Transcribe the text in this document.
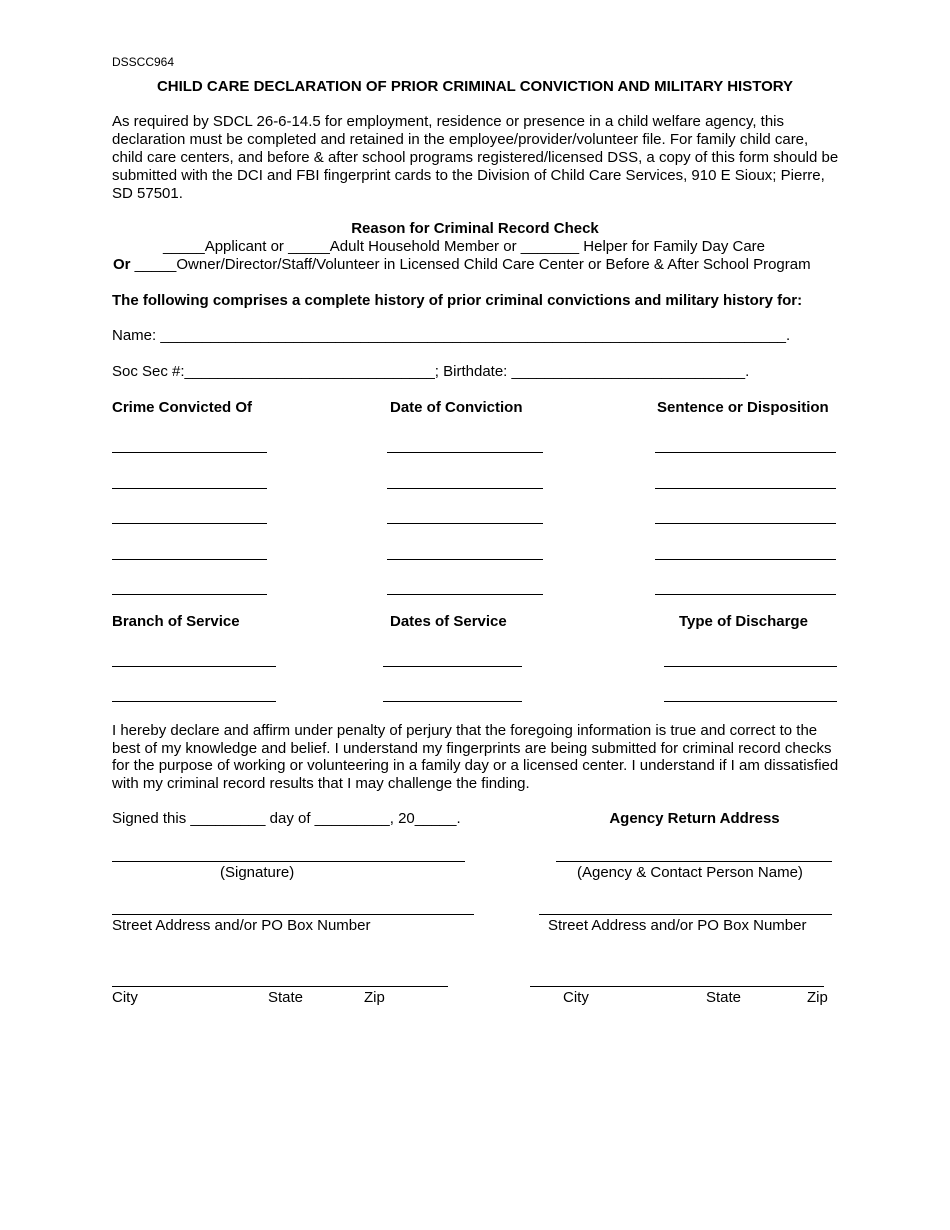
DSSCC964
CHILD CARE DECLARATION OF PRIOR CRIMINAL CONVICTION AND MILITARY HISTORY
As required by SDCL 26-6-14.5 for employment, residence or presence in a child welfare agency, this declaration must be completed and retained in the employee/provider/volunteer file. For family child care, child care centers, and before & after school programs registered/licensed DSS, a copy of this form should be submitted with the DCI and FBI fingerprint cards to the Division of Child Care Services, 910 E Sioux; Pierre, SD 57501.
Reason for Criminal Record Check
_____Applicant or _____Adult Household Member or _______ Helper for Family Day Care
Or _____Owner/Director/Staff/Volunteer in Licensed Child Care Center or Before & After School Program
The following comprises a complete history of prior criminal convictions and military history for:
Name: ___________________________________________________________________________.
Soc Sec #:______________________________; Birthdate: ____________________________.
Crime Convicted Of	Date of Conviction	Sentence or Disposition
Branch of Service	Dates of Service	Type of Discharge
I hereby declare and affirm under penalty of perjury that the foregoing information is true and correct to the best of my knowledge and belief. I understand my fingerprints are being submitted for criminal record checks for the purpose of working or volunteering in a family day or a licensed center. I understand if I am dissatisfied with my criminal record results that I may challenge the finding.
Signed this _________ day of _________, 20_____.	Agency Return Address
(Signature)	(Agency & Contact Person Name)
Street Address and/or PO Box Number	Street Address and/or PO Box Number
City	State	Zip	City	State	Zip
